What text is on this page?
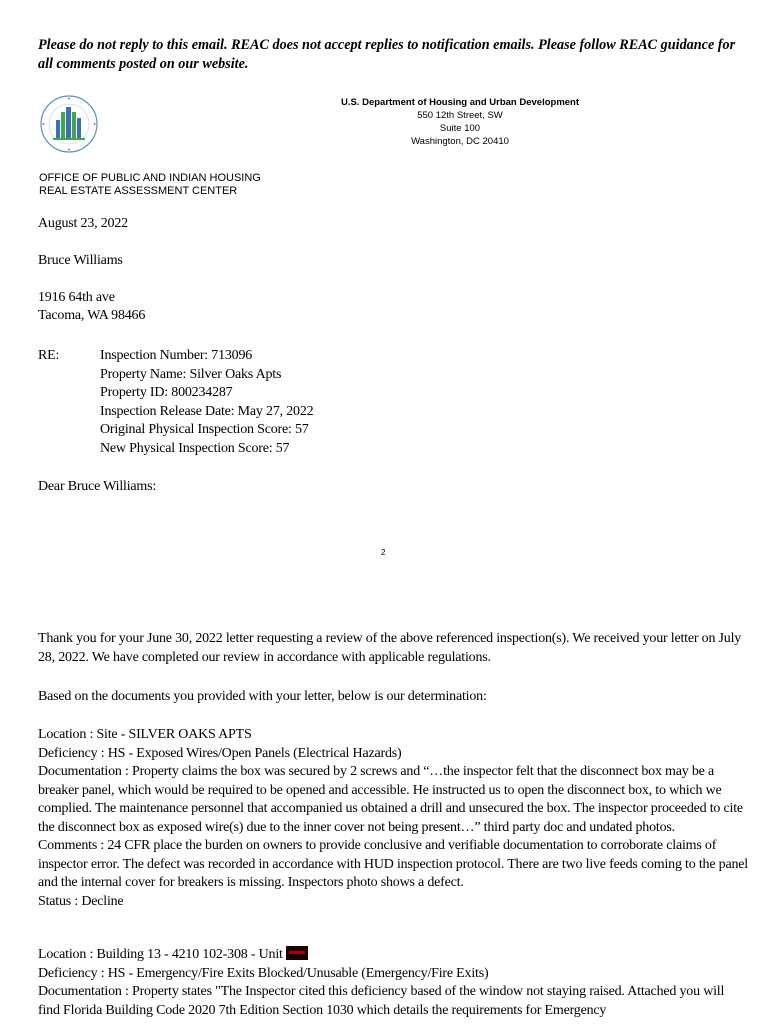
Please do not reply to this email. REAC does not accept replies to notification emails. Please follow REAC guidance for all comments posted on our website.
U.S. Department of Housing and Urban Development
550 12th Street, SW
Suite 100
Washington, DC 20410
OFFICE OF PUBLIC AND INDIAN HOUSING
REAL ESTATE ASSESSMENT CENTER
August 23, 2022
Bruce Williams
1916 64th ave
Tacoma, WA 98466
RE:	Inspection Number: 713096
Property Name: Silver Oaks Apts
Property ID: 800234287
Inspection Release Date: May 27, 2022
Original Physical Inspection Score: 57
New Physical Inspection Score: 57
Dear Bruce Williams:
2
Thank you for your June 30, 2022 letter requesting a review of the above referenced inspection(s). We received your letter on July 28, 2022. We have completed our review in accordance with applicable regulations.
Based on the documents you provided with your letter, below is our determination:
Location : Site - SILVER OAKS APTS
Deficiency : HS - Exposed Wires/Open Panels (Electrical Hazards)
Documentation : Property claims the box was secured by 2 screws and “…the inspector felt that the disconnect box may be a breaker panel, which would be required to be opened and accessible. He instructed us to open the disconnect box, to which we complied. The maintenance personnel that accompanied us obtained a drill and unsecured the box. The inspector proceeded to cite the disconnect box as exposed wire(s) due to the inner cover not being present…” third party doc and undated photos.
Comments : 24 CFR place the burden on owners to provide conclusive and verifiable documentation to corroborate claims of inspector error. The defect was recorded in accordance with HUD inspection protocol. There are two live feeds coming to the panel and the internal cover for breakers is missing. Inspectors photo shows a defect.
Status : Decline
Location : Building 13 - 4210 102-308 - Unit
Deficiency : HS - Emergency/Fire Exits Blocked/Unusable (Emergency/Fire Exits)
Documentation : Property states "The Inspector cited this deficiency based of the window not staying raised. Attached you will find Florida Building Code 2020 7th Edition Section 1030 which details the requirements for Emergency
